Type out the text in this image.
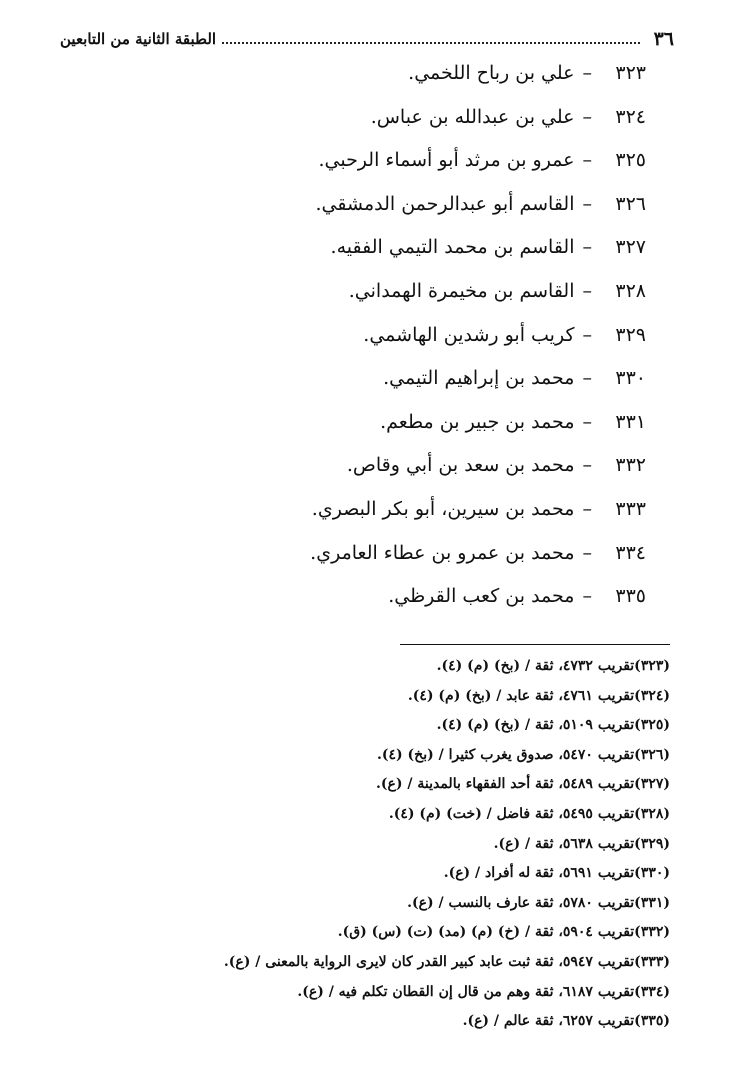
٣٦
الطبقة الثانية من التابعين
٣٢٣–علي بن رباح اللخمي.
٣٢٤–علي بن عبدالله بن عباس.
٣٢٥–عمرو بن مرثد أبو أسماء الرحبي.
٣٢٦–القاسم أبو عبدالرحمن الدمشقي.
٣٢٧–القاسم بن محمد التيمي الفقيه.
٣٢٨–القاسم بن مخيمرة الهمداني.
٣٢٩–كريب أبو رشدين الهاشمي.
٣٣٠–محمد بن إبراهيم التيمي.
٣٣١–محمد بن جبير بن مطعم.
٣٣٢–محمد بن سعد بن أبي وقاص.
٣٣٣–محمد بن سيرين، أبو بكر البصري.
٣٣٤–محمد بن عمرو بن عطاء العامري.
٣٣٥–محمد بن كعب القرظي.
(٣٢٣)تقريب ٤٧٣٢، ثقة / (بخ) (م) (٤).
(٣٢٤)تقريب ٤٧٦١، ثقة عابد / (بخ) (م) (٤).
(٣٢٥)تقريب ٥١٠٩، ثقة / (بخ) (م) (٤).
(٣٢٦)تقريب ٥٤٧٠، صدوق يغرب كثيرا / (بخ) (٤).
(٣٢٧)تقريب ٥٤٨٩، ثقة أحد الفقهاء بالمدينة / (ع).
(٣٢٨)تقريب ٥٤٩٥، ثقة فاضل / (خت) (م) (٤).
(٣٢٩)تقريب ٥٦٣٨، ثقة / (ع).
(٣٣٠)تقريب ٥٦٩١، ثقة له أفراد / (ع).
(٣٣١)تقريب ٥٧٨٠، ثقة عارف بالنسب / (ع).
(٣٣٢)تقريب ٥٩٠٤، ثقة / (خ) (م) (مد) (ت) (س) (ق).
(٣٣٣)تقريب ٥٩٤٧، ثقة ثبت عابد كبير القدر كان لايرى الرواية بالمعنى / (ع).
(٣٣٤)تقريب ٦١٨٧، ثقة وهم من قال إن القطان تكلم فيه / (ع).
(٣٣٥)تقريب ٦٢٥٧، ثقة عالم / (ع).
